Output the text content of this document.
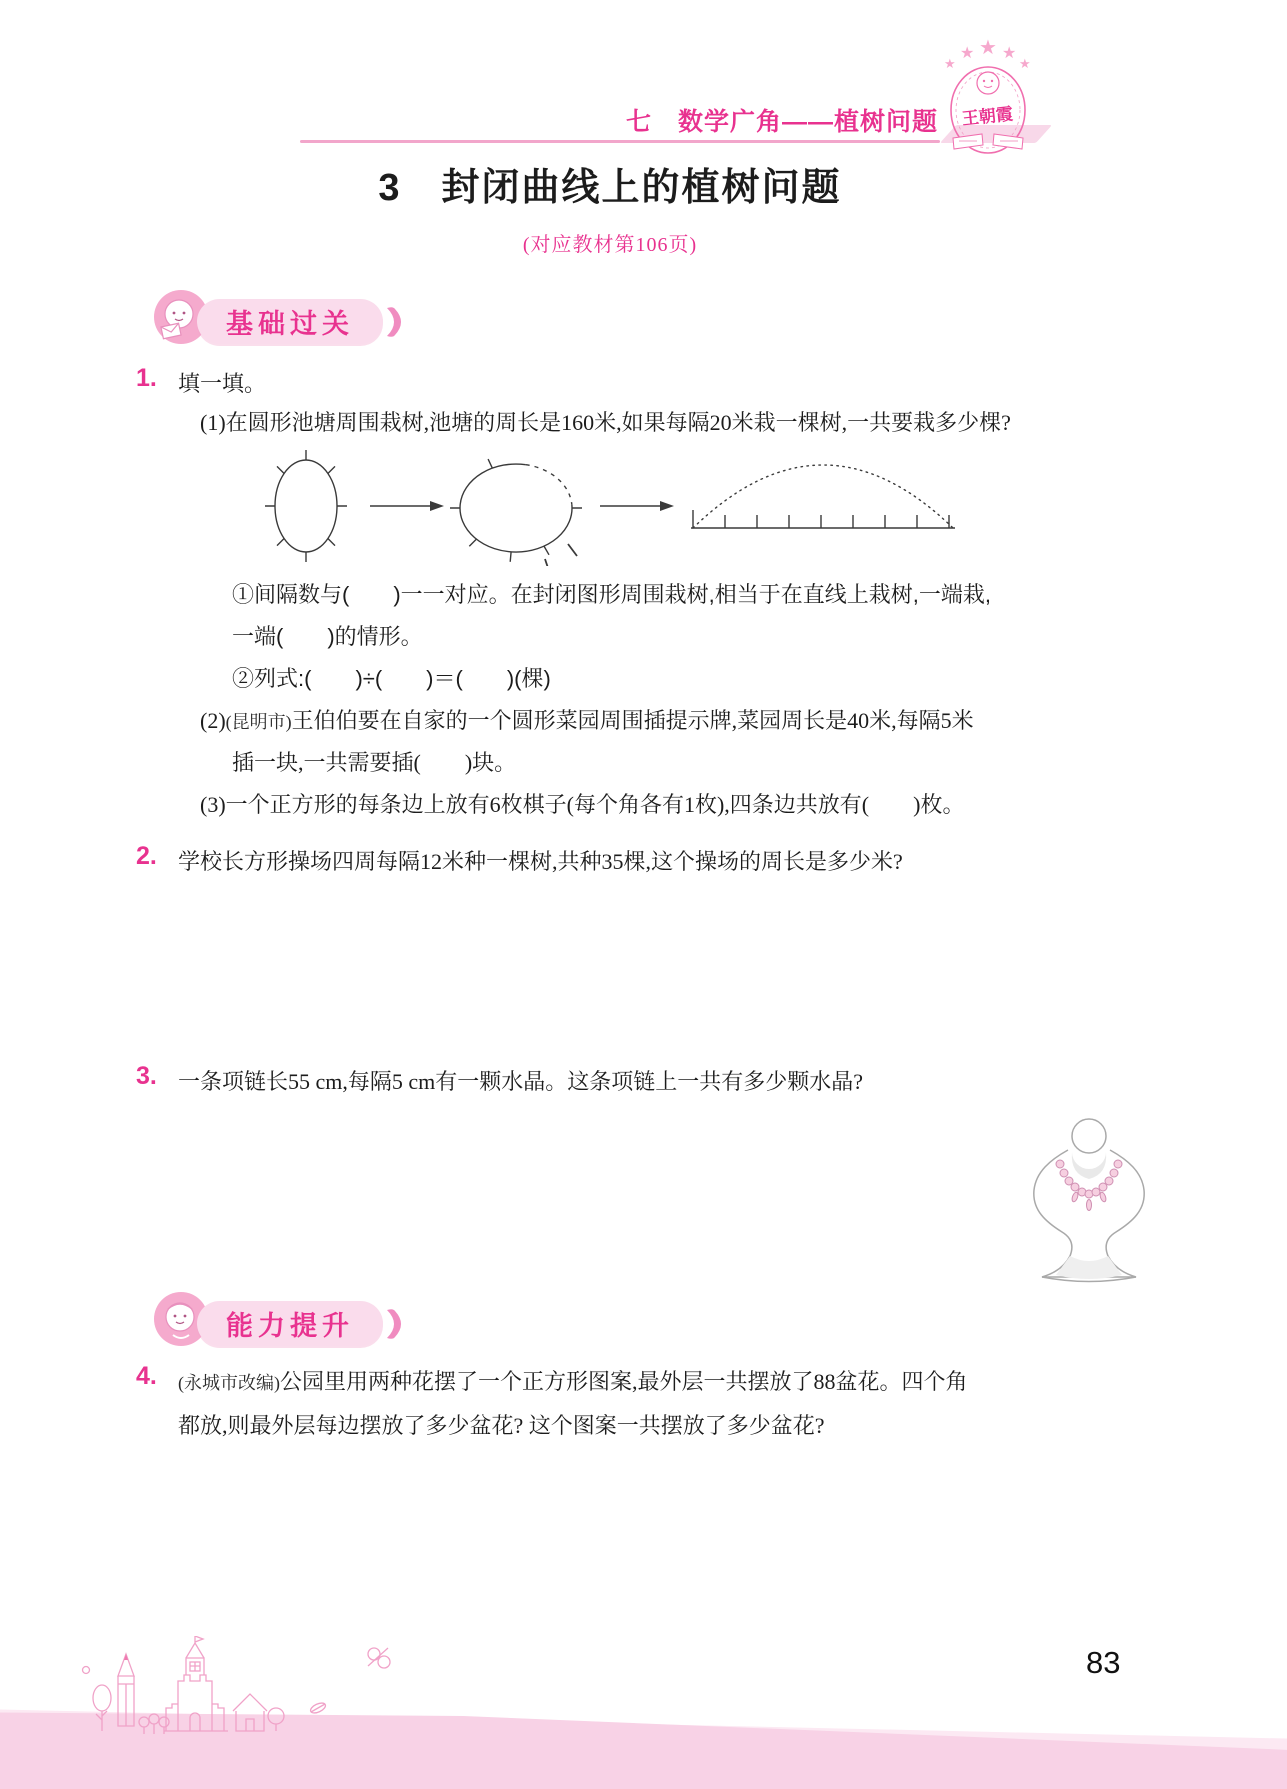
七　数学广角——植树问题
★
★ ★ ★
★
王朝霞
3　封闭曲线上的植树问题
(对应教材第106页)
基础过关
1. 填一填。
(1)在圆形池塘周围栽树,池塘的周长是160米,如果每隔20米栽一棵树,一共要栽多少棵?
①间隔数与(　　)一一对应。在封闭图形周围栽树,相当于在直线上栽树,一端栽,
一端(　　)的情形。
②列式:(　　)÷(　　)＝(　　)(棵)
(2)(昆明市)王伯伯要在自家的一个圆形菜园周围插提示牌,菜园周长是40米,每隔5米
插一块,一共需要插(　　)块。
(3)一个正方形的每条边上放有6枚棋子(每个角各有1枚),四条边共放有(　　)枚。
2. 学校长方形操场四周每隔12米种一棵树,共种35棵,这个操场的周长是多少米?
3. 一条项链长55 cm,每隔5 cm有一颗水晶。这条项链上一共有多少颗水晶?
能力提升
4. (永城市改编)公园里用两种花摆了一个正方形图案,最外层一共摆放了88盆花。四个角
都放,则最外层每边摆放了多少盆花? 这个图案一共摆放了多少盆花?
83
